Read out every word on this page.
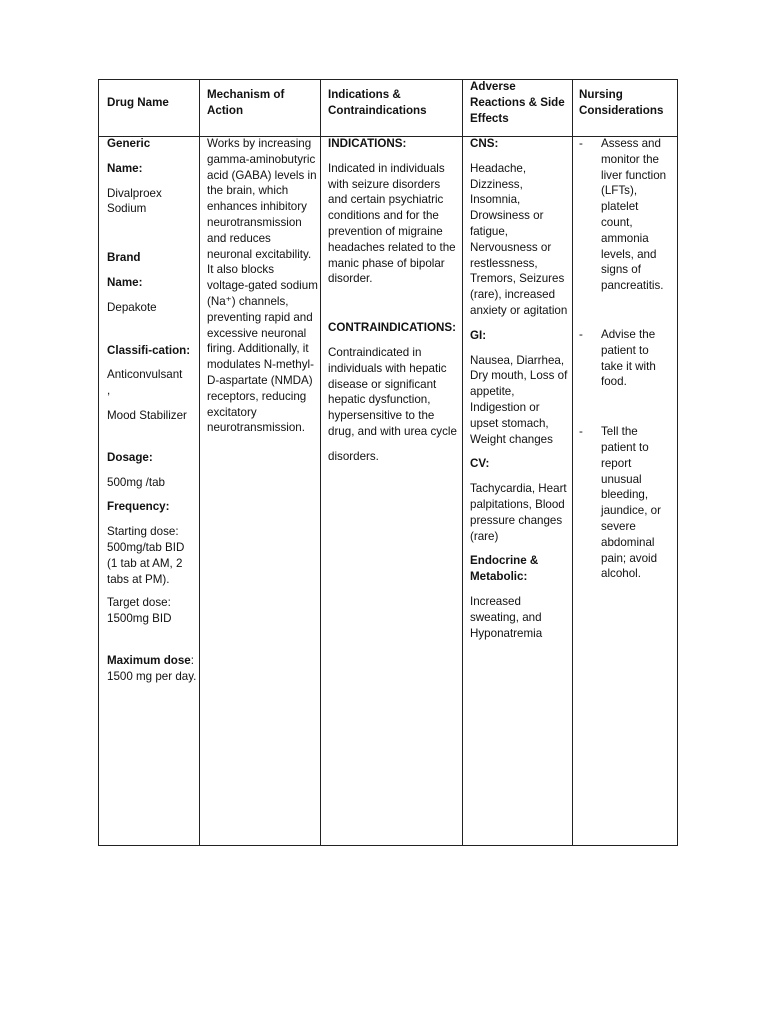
Drug Name
Mechanism of Action
Indications & Contraindications
Adverse Reactions & Side Effects
Nursing Considerations

Generic

Name:

Divalproex Sodium

Brand

Name:

Depakote

Classifi-cation:

Anticonvulsant

,

Mood Stabilizer

Dosage:

500mg /tab

Frequency:

Starting dose: 500mg/tab BID (1 tab at AM, 2 tabs at PM).

Target dose: 1500mg BID

Maximum dose: 1500 mg per day.

Works by increasing gamma-aminobutyric acid (GABA) levels in the brain, which enhances inhibitory neurotransmission and reduces neuronal excitability. It also blocks voltage-gated sodium (Na⁺) channels, preventing rapid and excessive neuronal firing. Additionally, it modulates N-methyl-D-aspartate (NMDA) receptors, reducing excitatory neurotransmission.

INDICATIONS:

Indicated in individuals with seizure disorders and certain psychiatric conditions and for the prevention of migraine headaches related to the manic phase of bipolar disorder.

CONTRAINDICATIONS:

Contraindicated in individuals with hepatic disease or significant hepatic dysfunction, hypersensitive to the drug, and with urea cycle

disorders.

CNS:

Headache, Dizziness, Insomnia, Drowsiness or fatigue, Nervousness or restlessness, Tremors, Seizures (rare), increased anxiety or agitation

GI:

Nausea, Diarrhea, Dry mouth, Loss of appetite, Indigestion or upset stomach, Weight changes

CV:

Tachycardia, Heart palpitations, Blood pressure changes (rare)

Endocrine & Metabolic:

Increased sweating, and Hyponatremia

- Assess and monitor the liver function (LFTs), platelet count, ammonia levels, and signs of pancreatitis.

- Advise the patient to take it with food.

- Tell the patient to report unusual bleeding, jaundice, or severe abdominal pain; avoid alcohol.
